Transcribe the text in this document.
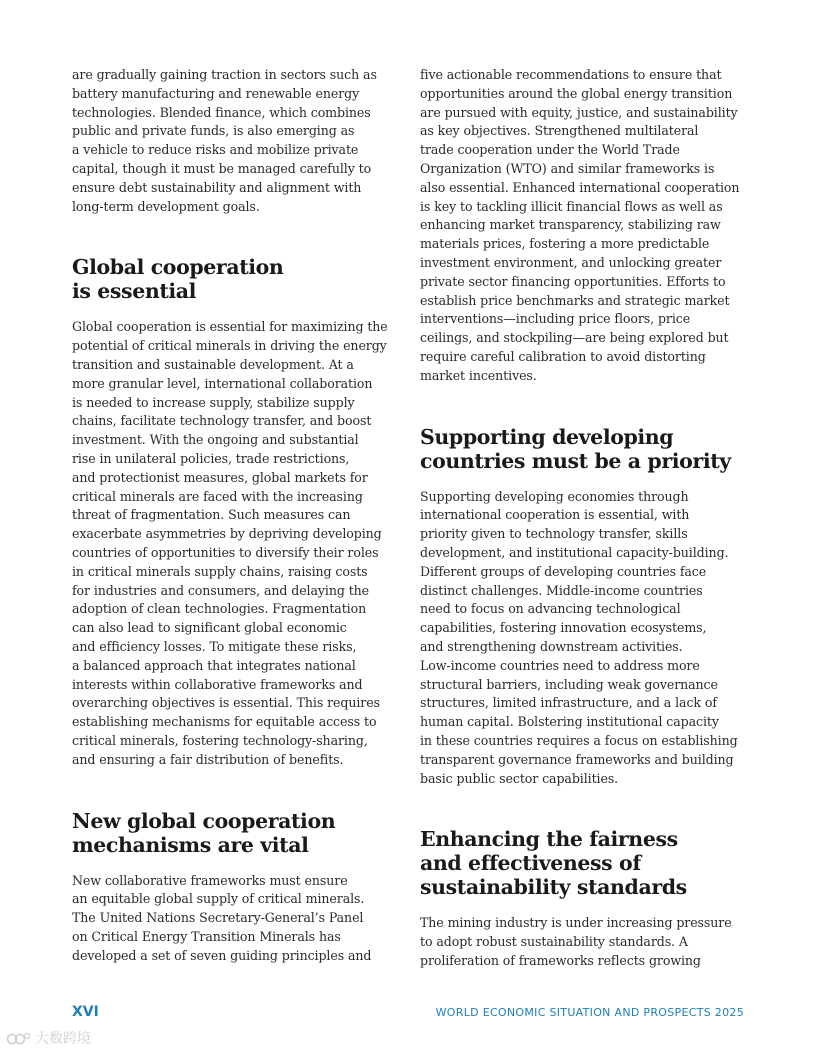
are gradually gaining traction in sectors such as
battery manufacturing and renewable energy
technologies. Blended finance, which combines
public and private funds, is also emerging as
a vehicle to reduce risks and mobilize private
capital, though it must be managed carefully to
ensure debt sustainability and alignment with
long-term development goals.

Global cooperation
is essential

Global cooperation is essential for maximizing the
potential of critical minerals in driving the energy
transition and sustainable development. At a
more granular level, international collaboration
is needed to increase supply, stabilize supply
chains, facilitate technology transfer, and boost
investment. With the ongoing and substantial
rise in unilateral policies, trade restrictions,
and protectionist measures, global markets for
critical minerals are faced with the increasing
threat of fragmentation. Such measures can
exacerbate asymmetries by depriving developing
countries of opportunities to diversify their roles
in critical minerals supply chains, raising costs
for industries and consumers, and delaying the
adoption of clean technologies. Fragmentation
can also lead to significant global economic
and efficiency losses. To mitigate these risks,
a balanced approach that integrates national
interests within collaborative frameworks and
overarching objectives is essential. This requires
establishing mechanisms for equitable access to
critical minerals, fostering technology-sharing,
and ensuring a fair distribution of benefits.

New global cooperation
mechanisms are vital

New collaborative frameworks must ensure
an equitable global supply of critical minerals.
The United Nations Secretary-General’s Panel
on Critical Energy Transition Minerals has
developed a set of seven guiding principles and

five actionable recommendations to ensure that
opportunities around the global energy transition
are pursued with equity, justice, and sustainability
as key objectives. Strengthened multilateral
trade cooperation under the World Trade
Organization (WTO) and similar frameworks is
also essential. Enhanced international cooperation
is key to tackling illicit financial flows as well as
enhancing market transparency, stabilizing raw
materials prices, fostering a more predictable
investment environment, and unlocking greater
private sector financing opportunities. Efforts to
establish price benchmarks and strategic market
interventions—including price floors, price
ceilings, and stockpiling—are being explored but
require careful calibration to avoid distorting
market incentives.

Supporting developing
countries must be a priority

Supporting developing economies through
international cooperation is essential, with
priority given to technology transfer, skills
development, and institutional capacity-building.
Different groups of developing countries face
distinct challenges. Middle-income countries
need to focus on advancing technological
capabilities, fostering innovation ecosystems,
and strengthening downstream activities.
Low-income countries need to address more
structural barriers, including weak governance
structures, limited infrastructure, and a lack of
human capital. Bolstering institutional capacity
in these countries requires a focus on establishing
transparent governance frameworks and building
basic public sector capabilities.

Enhancing the fairness
and effectiveness of
sustainability standards

The mining industry is under increasing pressure
to adopt robust sustainability standards. A
proliferation of frameworks reflects growing

XVI	WORLD ECONOMIC SITUATION AND PROSPECTS 2025
大数跨境
